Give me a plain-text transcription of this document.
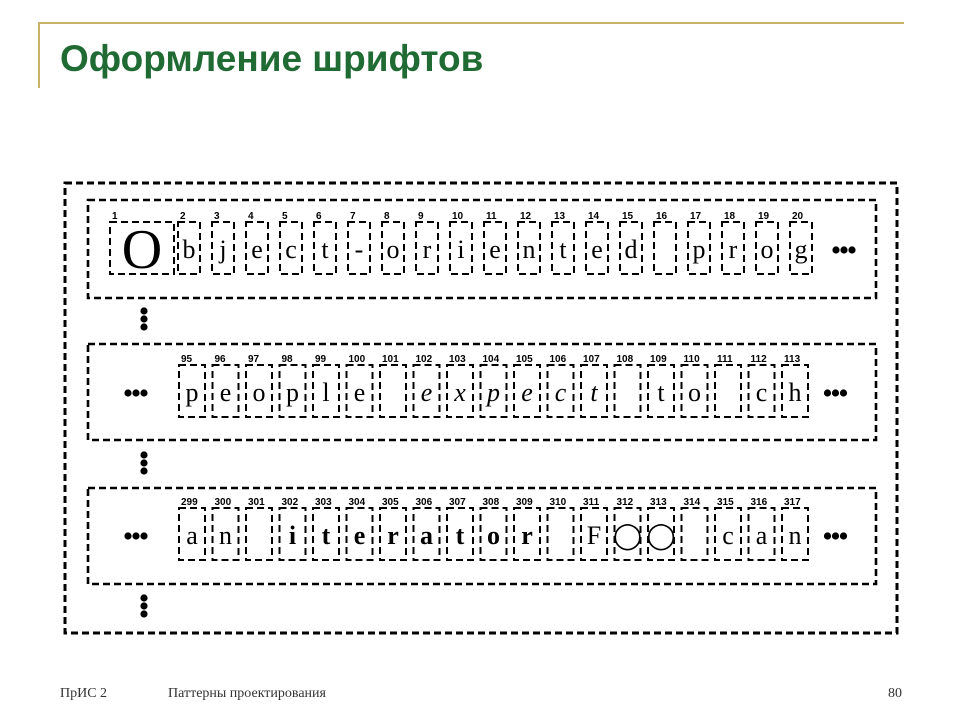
Оформление шрифтов
1
O
2
b
3
j
4
e
5
c
6
t
7
-
8
o
9
r
10
i
11
e
12
n
13
t
14
e
15
d
16 17
p
18
r
19
o
20
g
95
p
96
e
97
o
98
p
99
l
100
e
101 102
e
103
x
104
p
105
e
106
c
107
t
108 109
t
110
o
111 112
c
113
h
299
a
300
n
301 302
i
303
t
304
e
305
r
306
a
307
t
308
o
309
r
310 311
F
312
◯
313
◯
314 315
c
316
a
317
n
ПрИС 2	Паттерны проектирования	80
